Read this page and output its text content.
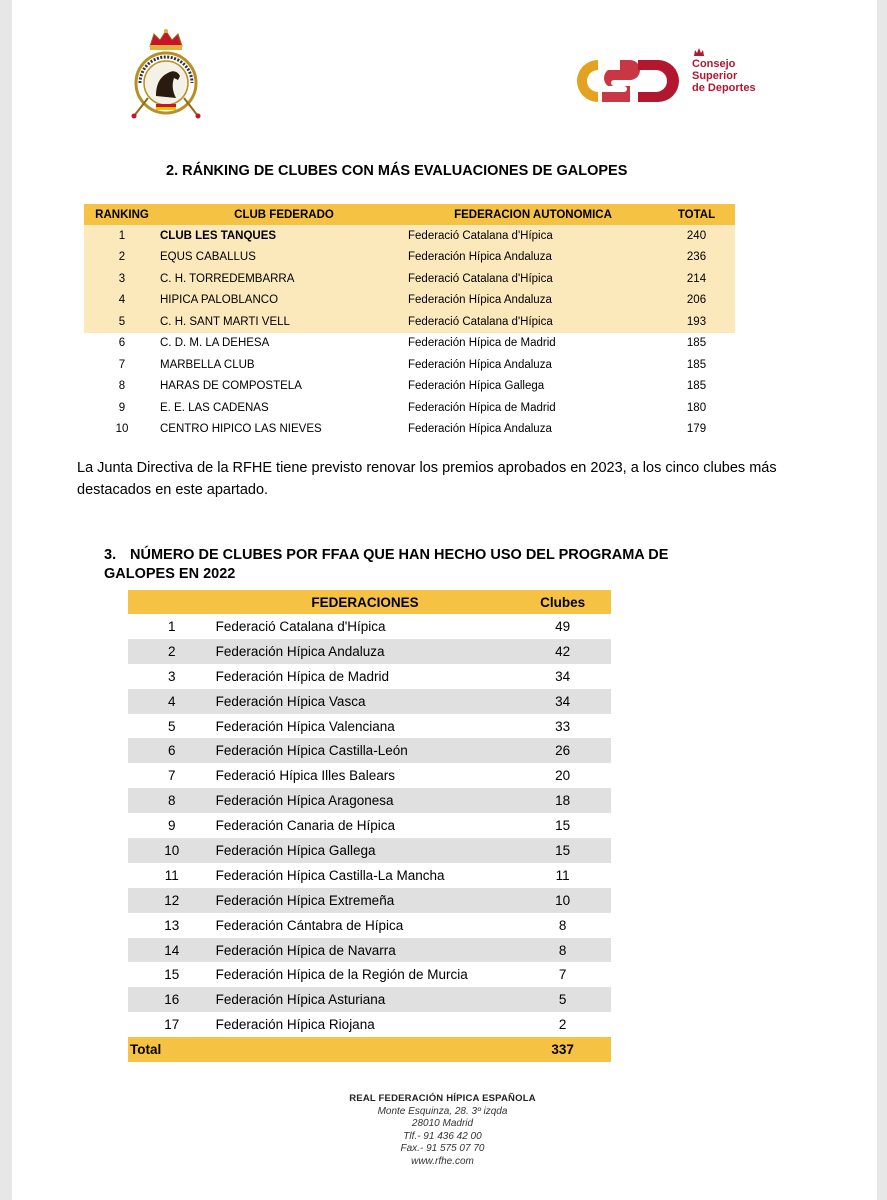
Consejo
Superior
de Deportes
2. RÁNKING DE CLUBES CON MÁS EVALUACIONES DE GALOPES
RANKING	CLUB FEDERADO	FEDERACION AUTONOMICA	TOTAL
1	CLUB LES TANQUES	Federació Catalana d'Hípica	240
2	EQUS CABALLUS	Federación Hípica Andaluza	236
3	C. H. TORREDEMBARRA	Federació Catalana d'Hípica	214
4	HIPICA PALOBLANCO	Federación Hípica Andaluza	206
5	C. H. SANT MARTI VELL	Federació Catalana d'Hípica	193
6	C. D. M. LA DEHESA	Federación Hípica de Madrid	185
7	MARBELLA CLUB	Federación Hípica Andaluza	185
8	HARAS DE COMPOSTELA	Federación Hípica Gallega	185
9	E. E. LAS CADENAS	Federación Hípica de Madrid	180
10	CENTRO HIPICO LAS NIEVES	Federación Hípica Andaluza	179
La Junta Directiva de la RFHE tiene previsto renovar los premios aprobados en 2023, a los cinco clubes más destacados en este apartado.
3. NÚMERO DE CLUBES POR FFAA QUE HAN HECHO USO DEL PROGRAMA DE GALOPES EN 2022
	FEDERACIONES	Clubes
1	Federació Catalana d'Hípica	49
2	Federación Hípica Andaluza	42
3	Federación Hípica de Madrid	34
4	Federación Hípica Vasca	34
5	Federación Hípica Valenciana	33
6	Federación Hípica Castilla-León	26
7	Federació Hípica Illes Balears	20
8	Federación Hípica Aragonesa	18
9	Federación Canaria de Hípica	15
10	Federación Hípica Gallega	15
11	Federación Hípica Castilla-La Mancha	11
12	Federación Hípica Extremeña	10
13	Federación Cántabra de Hípica	8
14	Federación Hípica de Navarra	8
15	Federación Hípica de la Región de Murcia	7
16	Federación Hípica Asturiana	5
17	Federación Hípica Riojana	2
Total		337
REAL FEDERACIÓN HÍPICA ESPAÑOLA
Monte Esquinza, 28. 3º izqda
28010 Madrid
Tlf.- 91 436 42 00
Fax.- 91 575 07 70
www.rfhe.com
